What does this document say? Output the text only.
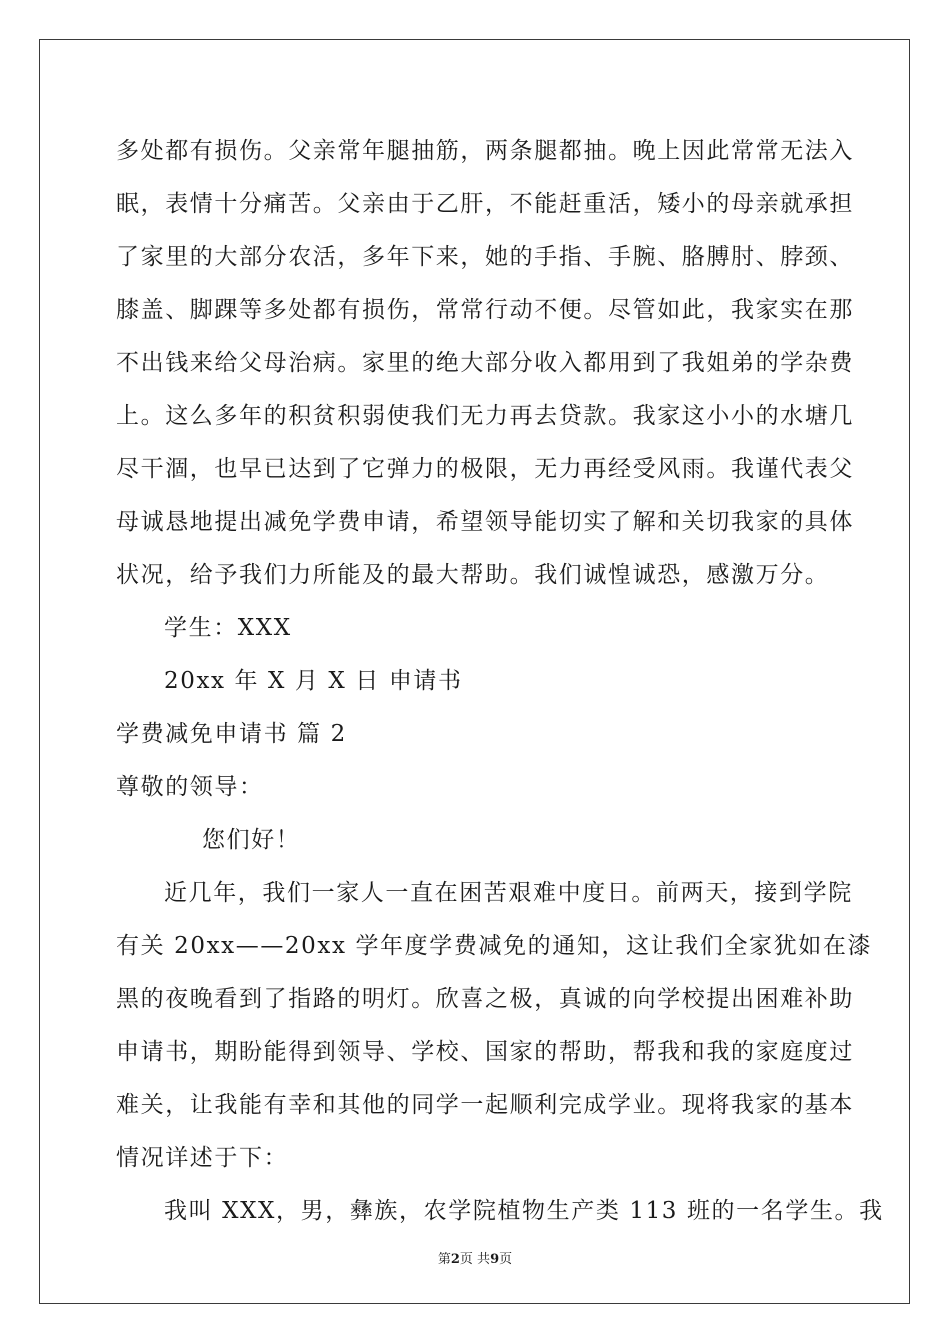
多处都有损伤。父亲常年腿抽筋，两条腿都抽。晚上因此常常无法入
眠，表情十分痛苦。父亲由于乙肝，不能赶重活，矮小的母亲就承担
了家里的大部分农活，多年下来，她的手指、手腕、胳膊肘、脖颈、
膝盖、脚踝等多处都有损伤，常常行动不便。尽管如此，我家实在那
不出钱来给父母治病。家里的绝大部分收入都用到了我姐弟的学杂费
上。这么多年的积贫积弱使我们无力再去贷款。我家这小小的水塘几
尽干涸，也早已达到了它弹力的极限，无力再经受风雨。我谨代表父
母诚恳地提出减免学费申请，希望领导能切实了解和关切我家的具体
状况，给予我们力所能及的最大帮助。我们诚惶诚恐，感激万分。
学生：XXX
20xx 年 X 月 X 日 申请书
学费减免申请书 篇 2
尊敬的领导：
您们好！
近几年，我们一家人一直在困苦艰难中度日。前两天，接到学院
有关 20xx——20xx 学年度学费减免的通知，这让我们全家犹如在漆
黑的夜晚看到了指路的明灯。欣喜之极，真诚的向学校提出困难补助
申请书，期盼能得到领导、学校、国家的帮助，帮我和我的家庭度过
难关，让我能有幸和其他的同学一起顺利完成学业。现将我家的基本
情况详述于下：
我叫 XXX，男，彝族，农学院植物生产类 113 班的一名学生。我
第2页 共9页
